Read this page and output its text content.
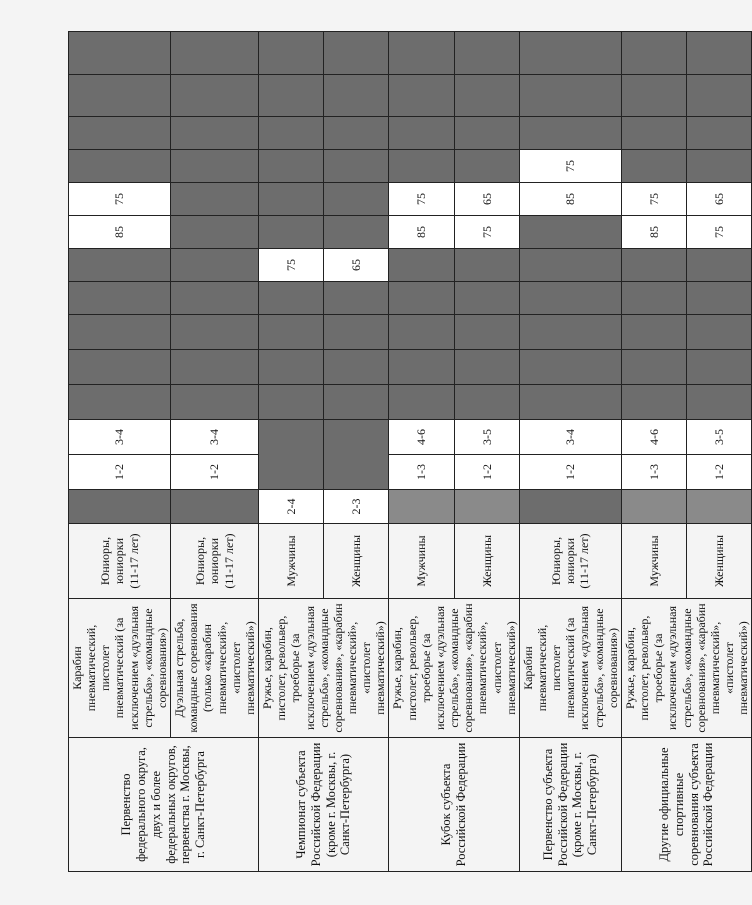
Первенство федерального округа, двух и более федеральных округов, первенства г. Москвы, г. Санкт-Петербурга	Карабин пневматический, пистолет пневматический (за исключением «дуэльная стрельба», «командные соревнования»)	Юниоры, юниорки (11-17 лет)		1-2	3-4						85	75					
	Дуэльная стрельба, командные соревнования (только «карабин пневматический», «пистолет пневматический»)	Юниоры, юниорки (11-17 лет)		1-2	3-4												
Чемпионат субъекта Российской Федерации (кроме г. Москвы, г. Санкт-Петербурга)	Ружье, карабин, пистолет, револьвер, троеборье (за исключением «дуэльная стрельба», «командные соревнования», «карабин пневматический», «пистолет пневматический»)	Мужчины	2-4							75							
		Женщины	2-3							65							
Кубок субъекта Российской Федерации	Ружье, карабин, пистолет, револьвер, троеборье (за исключением «дуэльная стрельба», «командные соревнования», «карабин пневматический», «пистолет пневматический»)	Мужчины		1-3	4-6						85	75					
		Женщины		1-2	3-5						75	65					
Первенство субъекта Российской Федерации (кроме г. Москвы, г. Санкт-Петербурга)	Карабин пневматический, пистолет пневматический (за исключением «дуэльная стрельба», «командные соревнования»)	Юниоры, юниорки (11-17 лет)		1-2	3-4							85	75				
Другие официальные спортивные соревнования субъекта Российской Федерации	Ружье, карабин, пистолет, револьвер, троеборье (за исключением «дуэльная стрельба», «командные соревнования», «карабин пневматический», «пистолет пневматический»)	Мужчины		1-3	4-6						85	75					
		Женщины		1-2	3-5						75	65					
